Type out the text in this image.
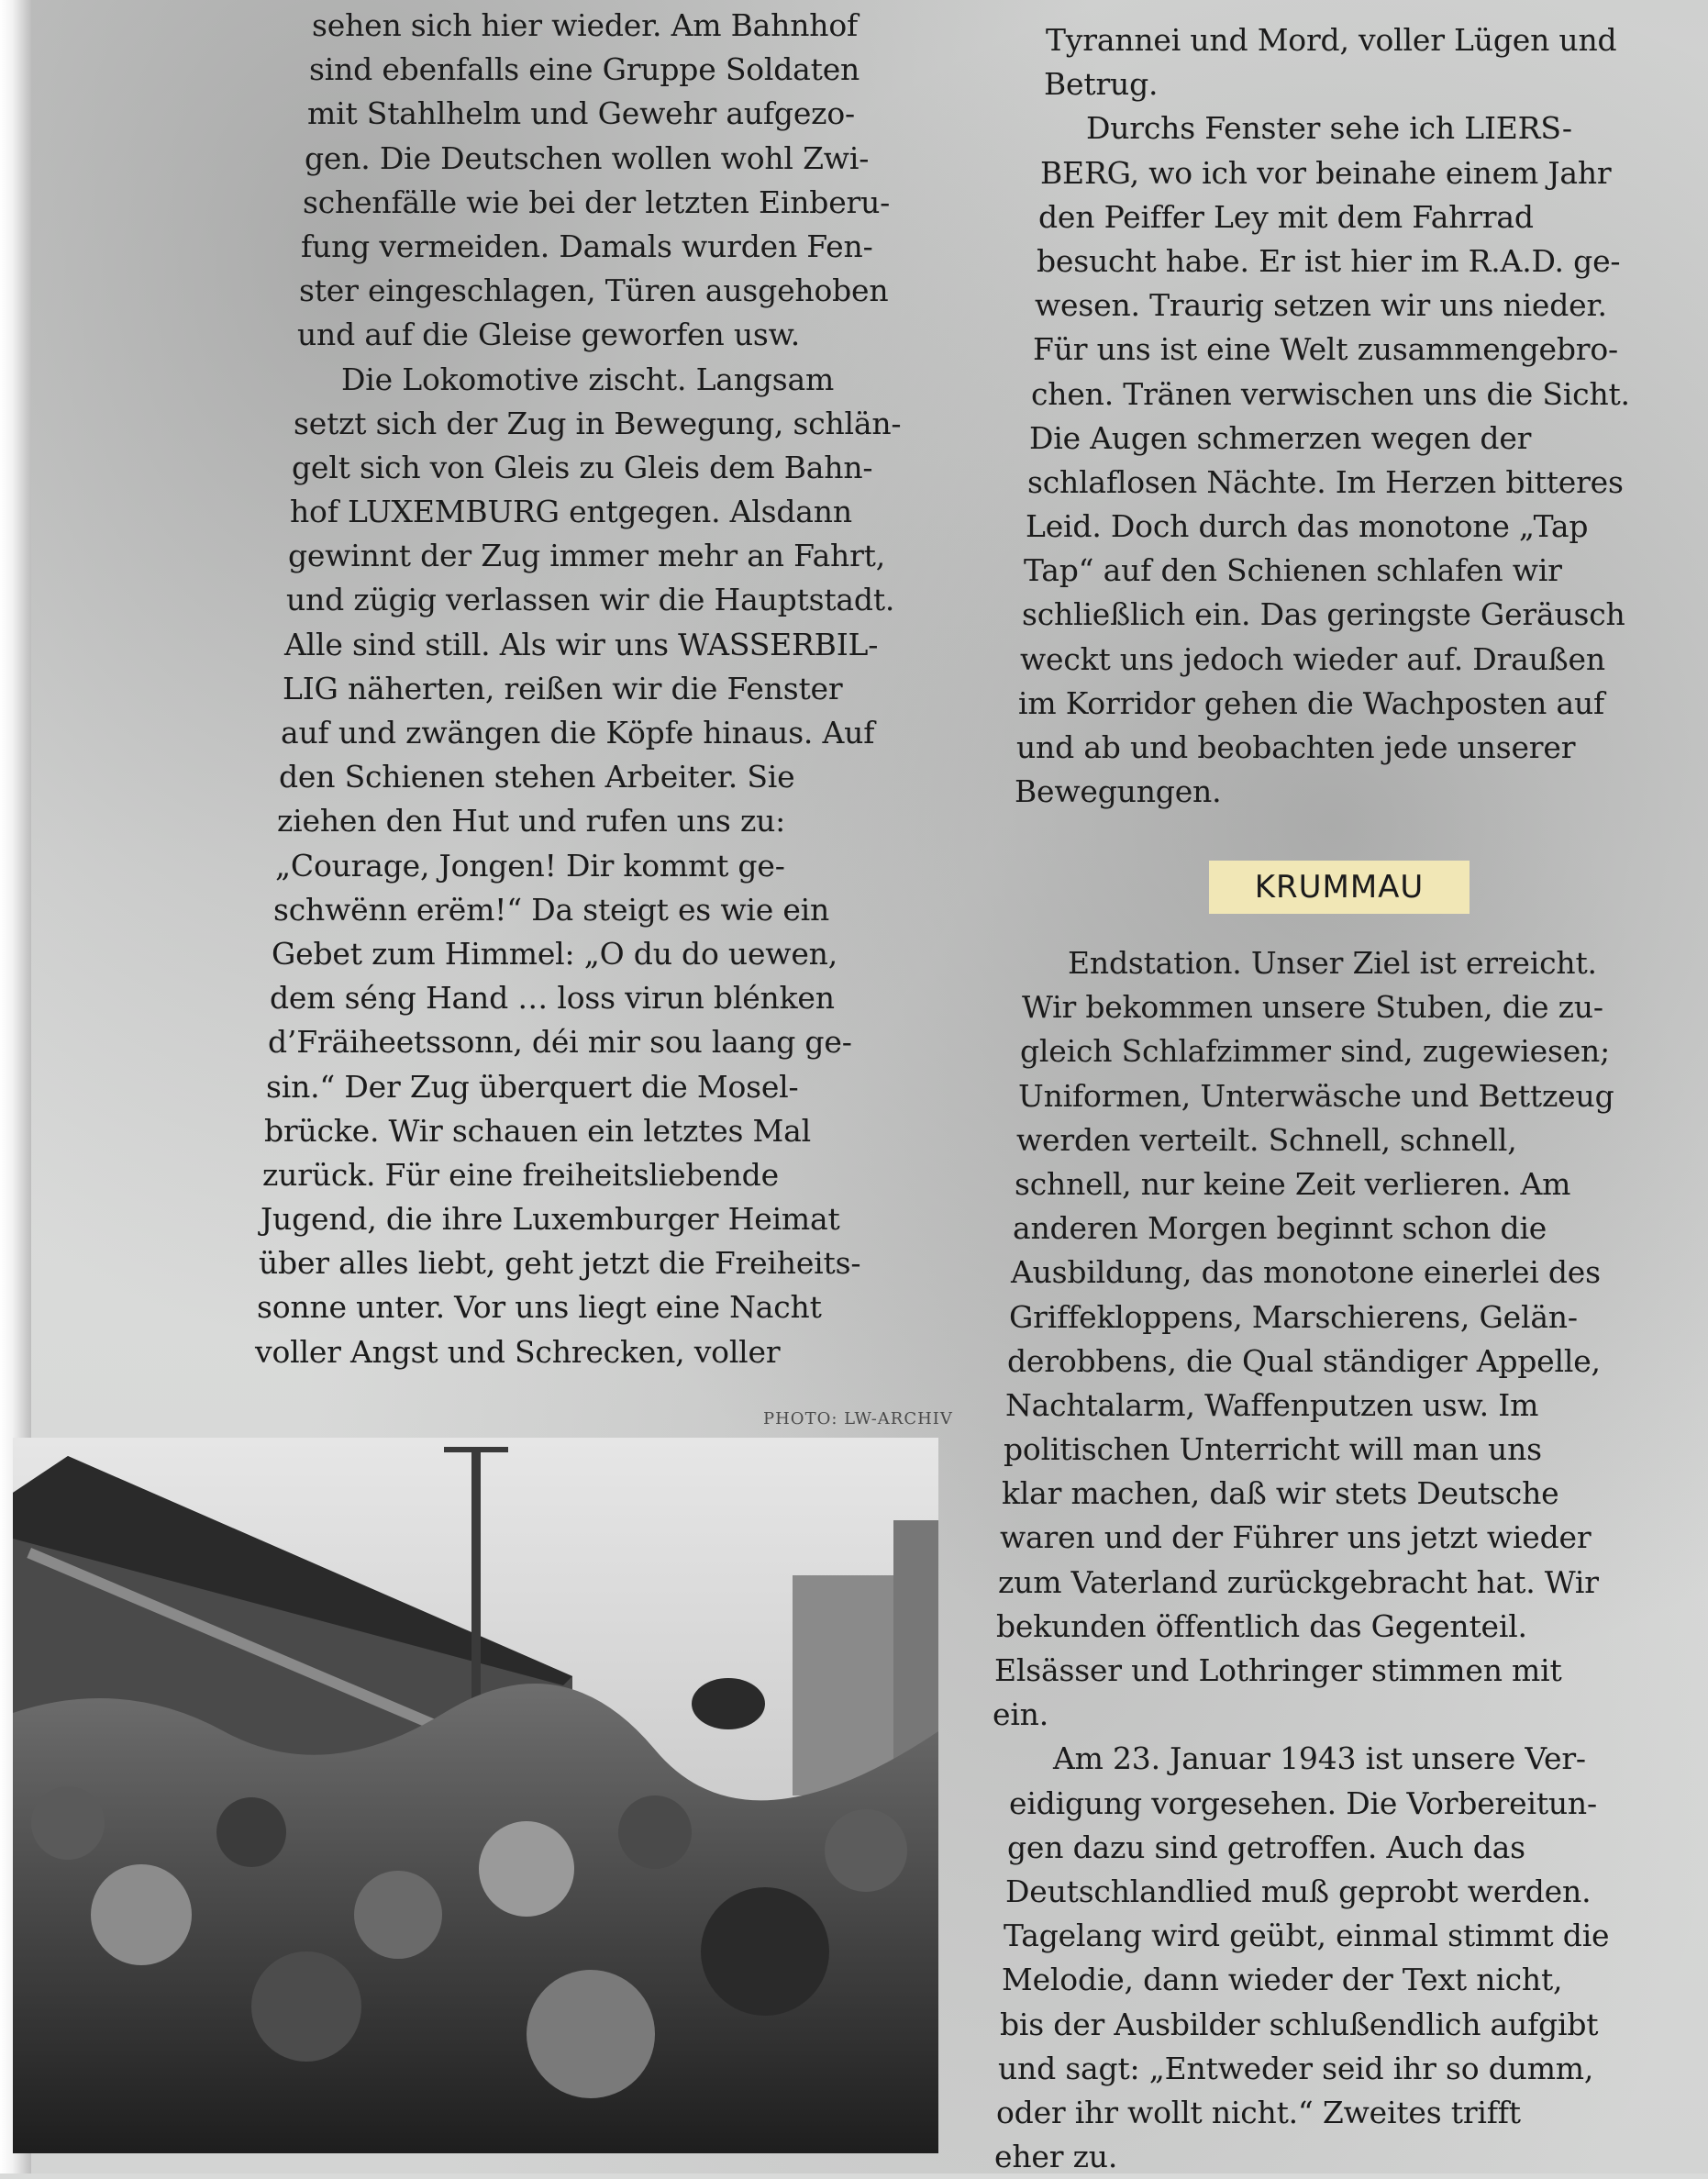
sehen sich hier wieder. Am Bahnhof
sind ebenfalls eine Gruppe Soldaten
mit Stahlhelm und Gewehr aufgezo-
gen. Die Deutschen wollen wohl Zwi-
schenfälle wie bei der letzten Einberu-
fung vermeiden. Damals wurden Fen-
ster eingeschlagen, Türen ausgehoben
und auf die Gleise geworfen usw.
Die Lokomotive zischt. Langsam
setzt sich der Zug in Bewegung, schlän-
gelt sich von Gleis zu Gleis dem Bahn-
hof LUXEMBURG entgegen. Alsdann
gewinnt der Zug immer mehr an Fahrt,
und zügig verlassen wir die Hauptstadt.
Alle sind still. Als wir uns WASSERBIL-
LIG näherten, reißen wir die Fenster
auf und zwängen die Köpfe hinaus. Auf
den Schienen stehen Arbeiter. Sie
ziehen den Hut und rufen uns zu:
„Courage, Jongen! Dir kommt ge-
schwënn erëm!“ Da steigt es wie ein
Gebet zum Himmel: „O du do uewen,
dem séng Hand … loss virun blénken
d’Fräiheetssonn, déi mir sou laang ge-
sin.“ Der Zug überquert die Mosel-
brücke. Wir schauen ein letztes Mal
zurück. Für eine freiheitsliebende
Jugend, die ihre Luxemburger Heimat
über alles liebt, geht jetzt die Freiheits-
sonne unter. Vor uns liegt eine Nacht
voller Angst und Schrecken, voller
Tyrannei und Mord, voller Lügen und
Betrug.
Durchs Fenster sehe ich LIERS-
BERG, wo ich vor beinahe einem Jahr
den Peiffer Ley mit dem Fahrrad
besucht habe. Er ist hier im R.A.D. ge-
wesen. Traurig setzen wir uns nieder.
Für uns ist eine Welt zusammengebro-
chen. Tränen verwischen uns die Sicht.
Die Augen schmerzen wegen der
schlaflosen Nächte. Im Herzen bitteres
Leid. Doch durch das monotone „Tap
Tap“ auf den Schienen schlafen wir
schließlich ein. Das geringste Geräusch
weckt uns jedoch wieder auf. Draußen
im Korridor gehen die Wachposten auf
und ab und beobachten jede unserer
Bewegungen.
KRUMMAU
Endstation. Unser Ziel ist erreicht.
Wir bekommen unsere Stuben, die zu-
gleich Schlafzimmer sind, zugewiesen;
Uniformen, Unterwäsche und Bettzeug
werden verteilt. Schnell, schnell,
schnell, nur keine Zeit verlieren. Am
anderen Morgen beginnt schon die
Ausbildung, das monotone einerlei des
Griffekloppens, Marschierens, Gelän-
derobbens, die Qual ständiger Appelle,
Nachtalarm, Waffenputzen usw. Im
politischen Unterricht will man uns
klar machen, daß wir stets Deutsche
waren und der Führer uns jetzt wieder
zum Vaterland zurückgebracht hat. Wir
bekunden öffentlich das Gegenteil.
Elsässer und Lothringer stimmen mit
ein.
Am 23. Januar 1943 ist unsere Ver-
eidigung vorgesehen. Die Vorbereitun-
gen dazu sind getroffen. Auch das
Deutschlandlied muß geprobt werden.
Tagelang wird geübt, einmal stimmt die
Melodie, dann wieder der Text nicht,
bis der Ausbilder schlußendlich aufgibt
und sagt: „Entweder seid ihr so dumm,
oder ihr wollt nicht.“ Zweites trifft
eher zu.
PHOTO: LW-ARCHIV
